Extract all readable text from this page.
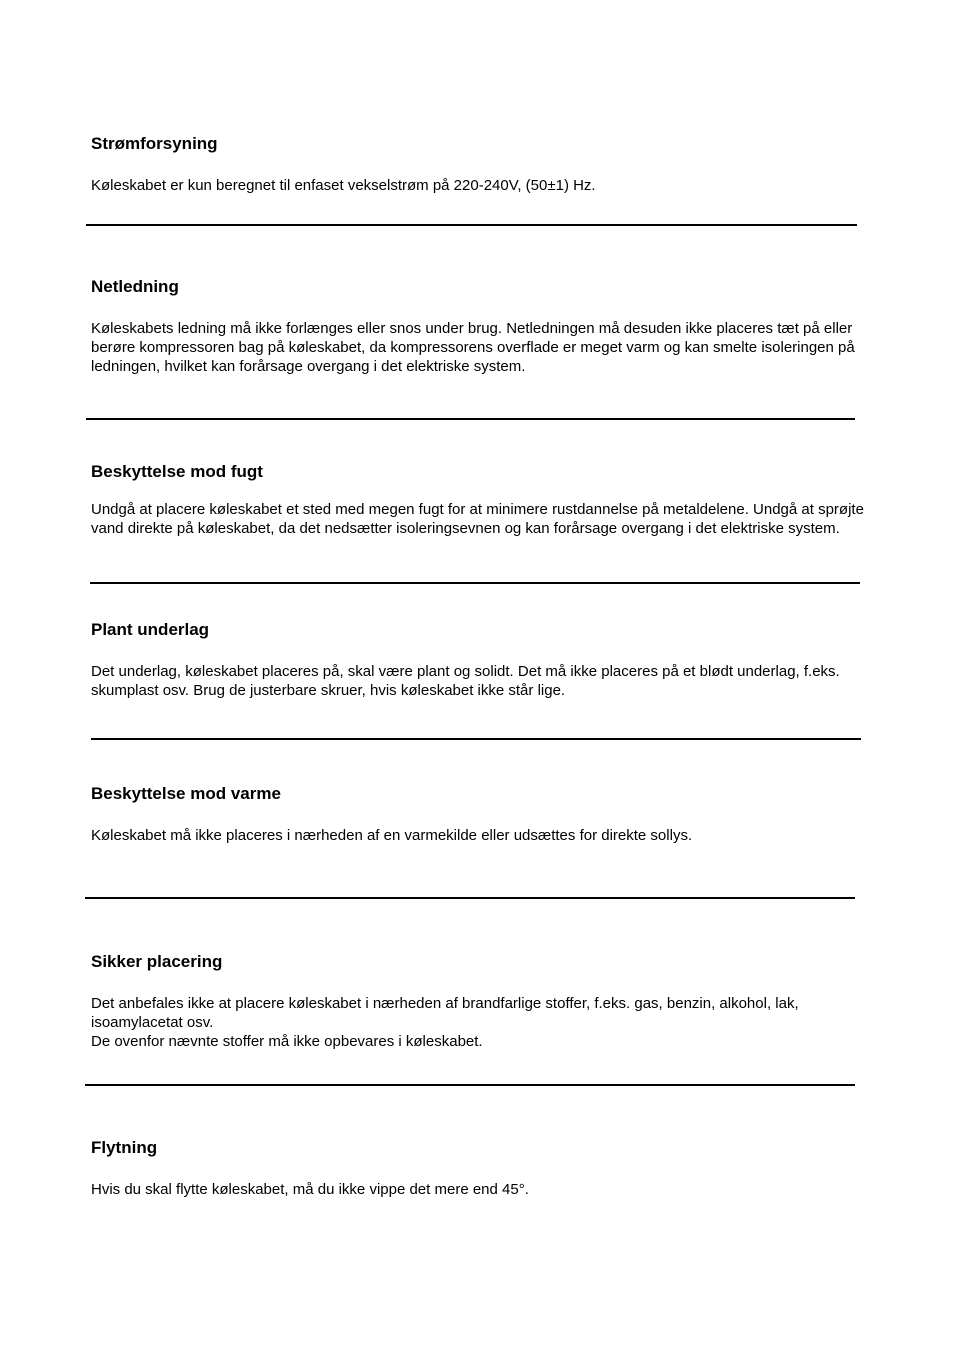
Strømforsyning

Køleskabet er kun beregnet til enfaset vekselstrøm på 220-240V, (50±1) Hz.

Netledning

Køleskabets ledning må ikke forlænges eller snos under brug. Netledningen må desuden ikke placeres tæt på eller berøre kompressoren bag på køleskabet, da kompressorens overflade er meget varm og kan smelte isoleringen på ledningen, hvilket kan forårsage overgang i det elektriske system.

Beskyttelse mod fugt

Undgå at placere køleskabet et sted med megen fugt for at minimere rustdannelse på metaldelene. Undgå at sprøjte vand direkte på køleskabet, da det nedsætter isoleringsevnen og kan forårsage overgang i det elektriske system.

Plant underlag

Det underlag, køleskabet placeres på, skal være plant og solidt. Det må ikke placeres på et blødt underlag, f.eks. skumplast osv. Brug de justerbare skruer, hvis køleskabet ikke står lige.

Beskyttelse mod varme

Køleskabet må ikke placeres i nærheden af en varmekilde eller udsættes for direkte sollys.

Sikker placering

Det anbefales ikke at placere køleskabet i nærheden af brandfarlige stoffer, f.eks. gas, benzin, alkohol, lak, isoamylacetat osv.

De ovenfor nævnte stoffer må ikke opbevares i køleskabet.

Flytning

Hvis du skal flytte køleskabet, må du ikke vippe det mere end 45°.
